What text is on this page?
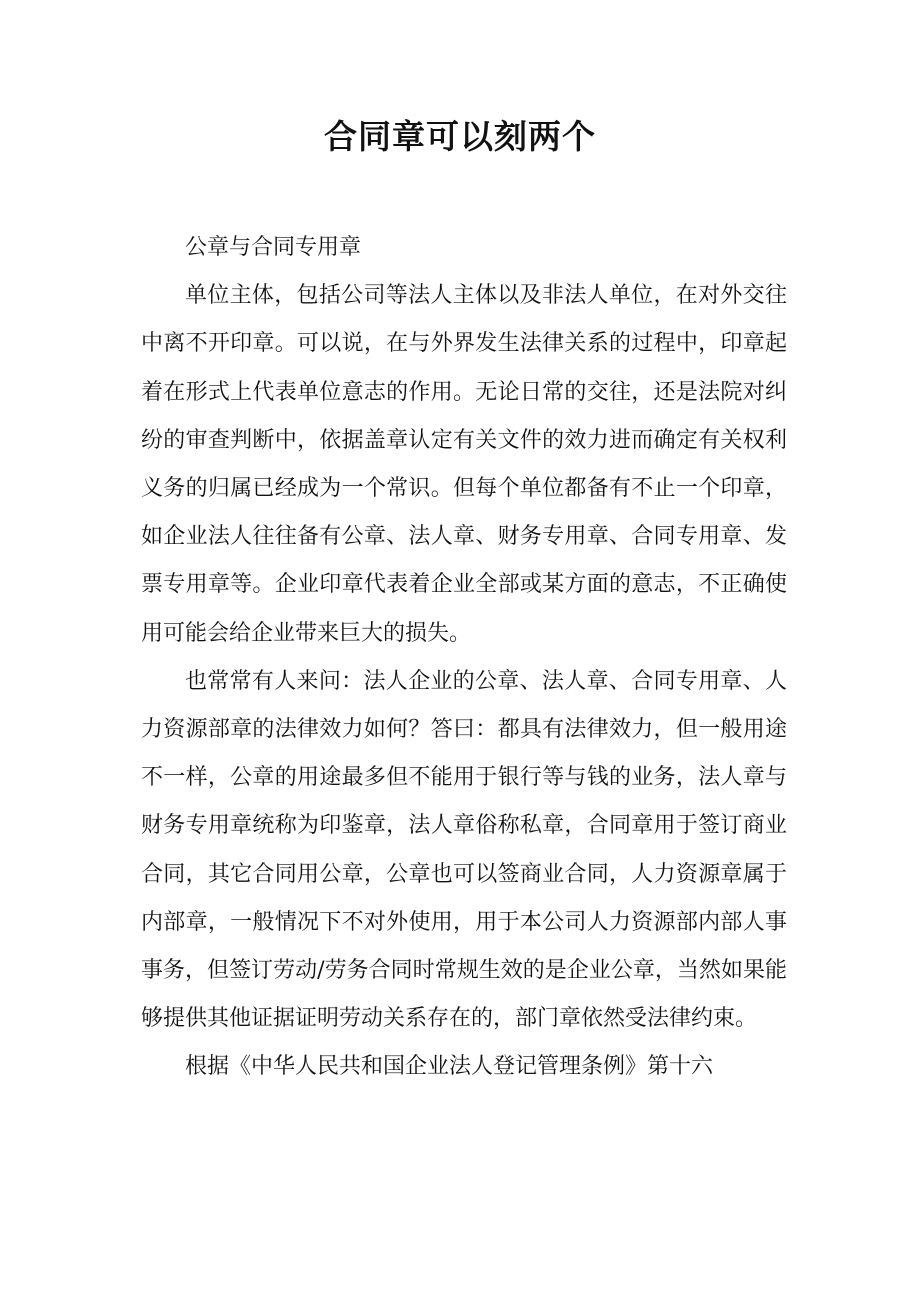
合同章可以刻两个

公章与合同专用章

单位主体，包括公司等法人主体以及非法人单位，在对外交往中离不开印章。可以说，在与外界发生法律关系的过程中，印章起着在形式上代表单位意志的作用。无论日常的交往，还是法院对纠纷的审查判断中，依据盖章认定有关文件的效力进而确定有关权利义务的归属已经成为一个常识。但每个单位都备有不止一个印章，如企业法人往往备有公章、法人章、财务专用章、合同专用章、发票专用章等。企业印章代表着企业全部或某方面的意志，不正确使用可能会给企业带来巨大的损失。

也常常有人来问：法人企业的公章、法人章、合同专用章、人力资源部章的法律效力如何？答曰：都具有法律效力，但一般用途不一样，公章的用途最多但不能用于银行等与钱的业务，法人章与财务专用章统称为印鉴章，法人章俗称私章，合同章用于签订商业合同，其它合同用公章，公章也可以签商业合同，人力资源章属于内部章，一般情况下不对外使用，用于本公司人力资源部内部人事事务，但签订劳动/劳务合同时常规生效的是企业公章，当然如果能够提供其他证据证明劳动关系存在的，部门章依然受法律约束。

根据《中华人民共和国企业法人登记管理条例》第十六
